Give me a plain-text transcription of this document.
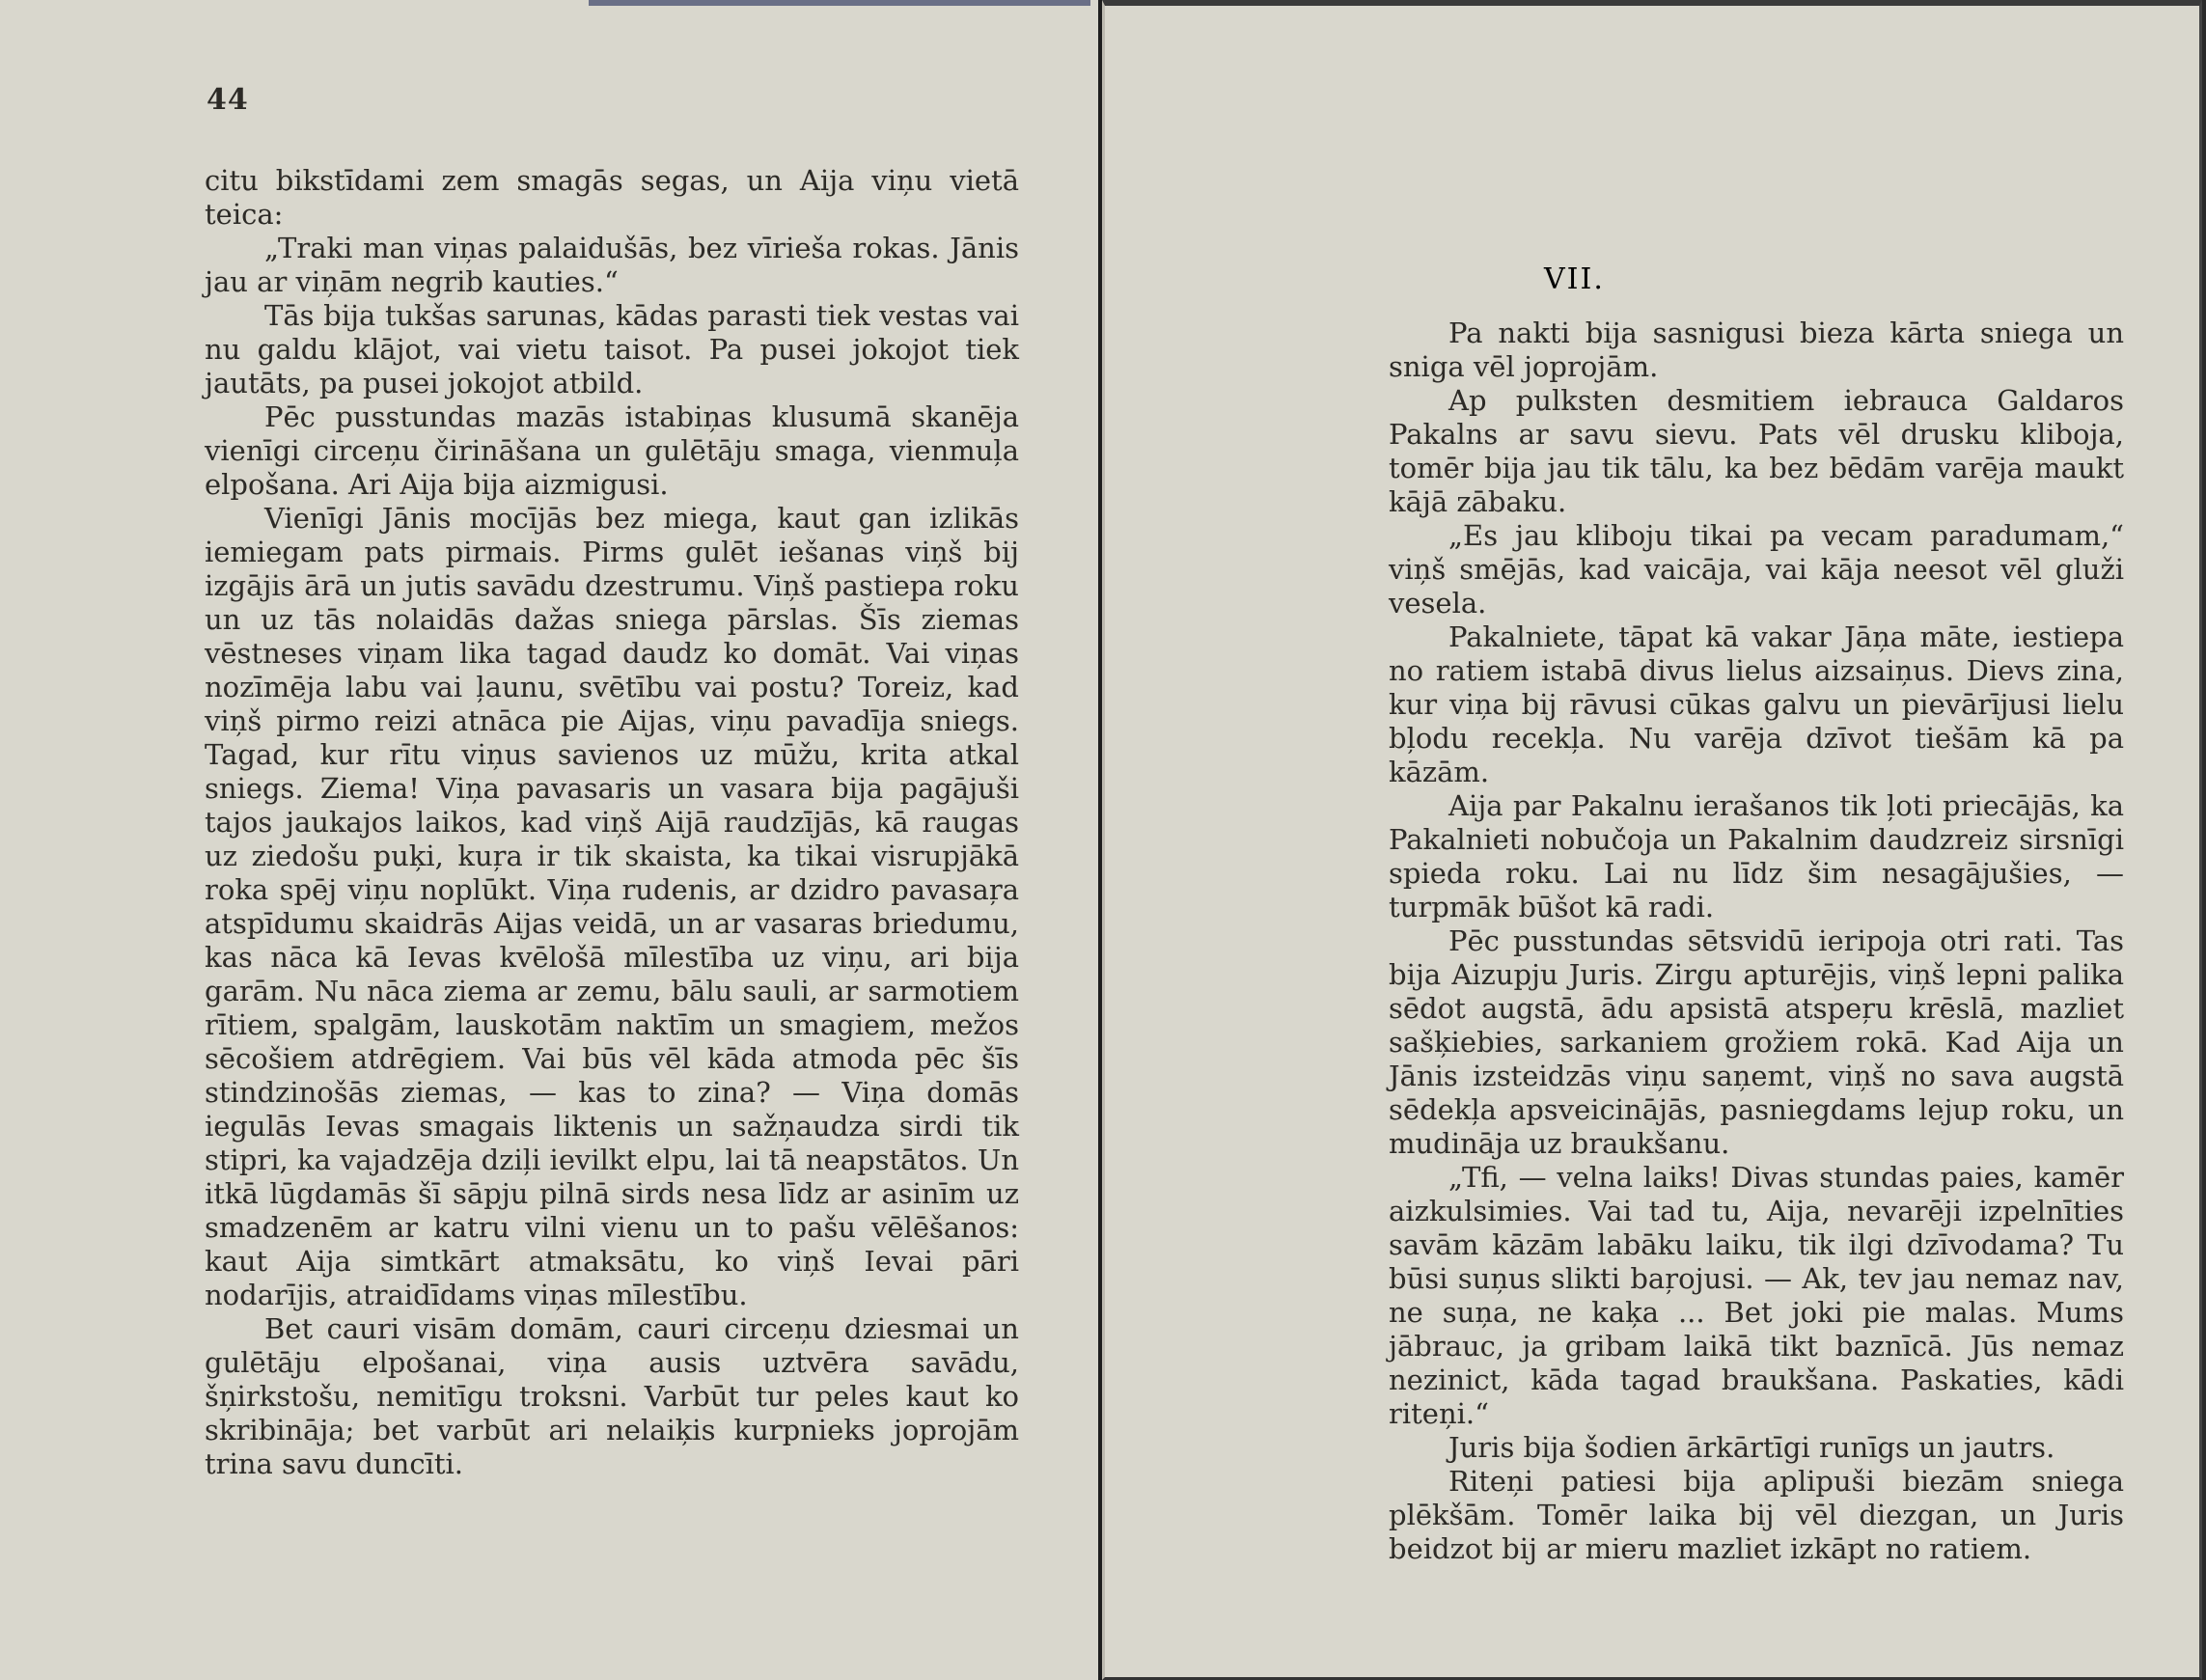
44

citu bikstīdami zem smagās segas, un Aija viņu vietā teica:

„Traki man viņas palaidušās, bez vīrieša rokas. Jānis jau ar viņām negrib kauties.“

Tās bija tukšas sarunas, kādas parasti tiek vestas vai nu galdu klājot, vai vietu taisot. Pa pusei jokojot tiek jautāts, pa pusei jokojot atbild.

Pēc pusstundas mazās istabiņas klusumā skanēja vienīgi circeņu čirināšana un gulētāju smaga, vienmuļa elpošana. Ari Aija bija aizmigusi.

Vienīgi Jānis mocījās bez miega, kaut gan izlikās iemiegam pats pirmais. Pirms gulēt iešanas viņš bij izgājis ārā un jutis savādu dzestrumu. Viņš pastiepa roku un uz tās nolaidās dažas sniega pārslas. Šīs ziemas vēstneses viņam lika tagad daudz ko domāt. Vai viņas nozīmēja labu vai ļaunu, svētību vai postu? Toreiz, kad viņš pirmo reizi atnāca pie Aijas, viņu pavadīja sniegs. Tagad, kur rītu viņus savienos uz mūžu, krita atkal sniegs. Ziema! Viņa pavasaris un vasara bija pagājuši tajos jaukajos laikos, kad viņš Aijā raudzījās, kā raugas uz ziedošu puķi, kuŗa ir tik skaista, ka tikai visrupjākā roka spēj viņu noplūkt. Viņa rudenis, ar dzidro pavasaŗa atspīdumu skaidrās Aijas veidā, un ar vasaras briedumu, kas nāca kā Ievas kvēlošā mīlestība uz viņu, ari bija garām. Nu nāca ziema ar zemu, bālu sauli, ar sarmotiem rītiem, spalgām, lauskotām naktīm un smagiem, mežos sēcošiem atdrēgiem. Vai būs vēl kāda atmoda pēc šīs stindzinošās ziemas, — kas to zina? — Viņa domās iegulās Ievas smagais liktenis un sažņaudza sirdi tik stipri, ka vajadzēja dziļi ievilkt elpu, lai tā neapstātos. Un itkā lūgdamās šī sāpju pilnā sirds nesa līdz ar asinīm uz smadzenēm ar katru vilni vienu un to pašu vēlēšanos: kaut Aija simtkārt atmaksātu, ko viņš Ievai pāri nodarījis, atraidīdams viņas mīlestību.

Bet cauri visām domām, cauri circeņu dziesmai un gulētāju elpošanai, viņa ausis uztvēra savādu, šņirkstošu, nemitīgu troksni. Varbūt tur peles kaut ko skribināja; bet varbūt ari nelaiķis kurpnieks joprojām trina savu duncīti.

Pa nakti bija sasnigusi bieza kārta sniega un sniga vēl joprojām.

Ap pulksten desmitiem iebrauca Galdaros Pakalns ar savu sievu. Pats vēl drusku kliboja, tomēr bija jau tik tālu, ka bez bēdām varēja maukt kājā zābaku.

„Es jau kliboju tikai pa vecam paradumam,“ viņš smējās, kad vaicāja, vai kāja neesot vēl gluži vesela.

Pakalniete, tāpat kā vakar Jāņa māte, iestiepa no ratiem istabā divus lielus aizsaiņus. Dievs zina, kur viņa bij rāvusi cūkas galvu un pievārījusi lielu bļodu recekļa. Nu varēja dzīvot tiešām kā pa kāzām.

Aija par Pakalnu ierašanos tik ļoti priecājās, ka Pakalnieti nobučoja un Pakalnim daudzreiz sirsnīgi spieda roku. Lai nu līdz šim nesagājušies, — turpmāk būšot kā radi.

Pēc pusstundas sētsvidū ieripoja otri rati. Tas bija Aizupju Juris. Zirgu apturējis, viņš lepni palika sēdot augstā, ādu apsistā atspeŗu krēslā, mazliet sašķiebies, sarkaniem grožiem rokā. Kad Aija un Jānis izsteidzās viņu saņemt, viņš no sava augstā sēdekļa apsveicinājās, pasniegdams lejup roku, un mudināja uz braukšanu.

„Tfi, — velna laiks! Divas stundas paies, kamēr aizkulsimies. Vai tad tu, Aija, nevarēji izpelnīties savām kāzām labāku laiku, tik ilgi dzīvodama? Tu būsi suņus slikti baŗojusi. — Ak, tev jau nemaz nav, ne suņa, ne kaķa ... Bet joki pie malas. Mums jābrauc, ja gribam laikā tikt baznīcā. Jūs nemaz nezinict, kāda tagad braukšana. Paskaties, kādi riteņi.“

Juris bija šodien ārkārtīgi runīgs un jautrs.

Riteņi patiesi bija aplipuši biezām sniega plēkšām. Tomēr laika bij vēl diezgan, un Juris beidzot bij ar mieru mazliet izkāpt no ratiem.

VII.
